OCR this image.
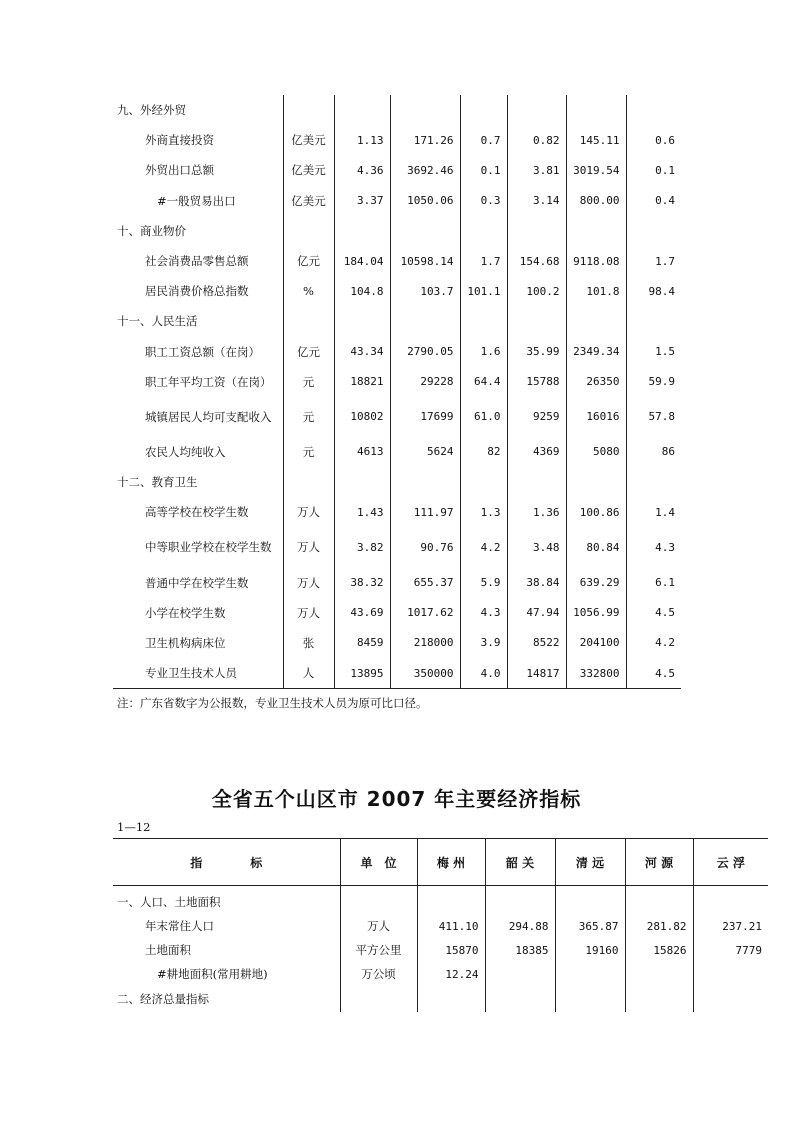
九、外经外贸							
外商直接投资	亿美元	1.13	171.26	0.7	0.82	145.11	0.6
外贸出口总额	亿美元	4.36	3692.46	0.1	3.81	3019.54	0.1
#一般贸易出口	亿美元	3.37	1050.06	0.3	3.14	800.00	0.4
十、商业物价							
社会消费品零售总额	亿元	184.04	10598.14	1.7	154.68	9118.08	1.7
居民消费价格总指数	%	104.8	103.7	101.1	100.2	101.8	98.4
十一、人民生活							
职工工资总额（在岗）	亿元	43.34	2790.05	1.6	35.99	2349.34	1.5
职工年平均工资（在岗）	元	18821	29228	64.4	15788	26350	59.9
城镇居民人均可支配收入	元	10802	17699	61.0	9259	16016	57.8
农民人均纯收入	元	4613	5624	82	4369	5080	86
十二、教育卫生							
高等学校在校学生数	万人	1.43	111.97	1.3	1.36	100.86	1.4
中等职业学校在校学生数	万人	3.82	90.76	4.2	3.48	80.84	4.3
普通中学在校学生数	万人	38.32	655.37	5.9	38.84	639.29	6.1
小学在校学生数	万人	43.69	1017.62	4.3	47.94	1056.99	4.5
卫生机构病床位	张	8459	218000	3.9	8522	204100	4.2
专业卫生技术人员	人	13895	350000	4.0	14817	332800	4.5
注：广东省数字为公报数，专业卫生技术人员为原可比口径。
全省五个山区市 2007 年主要经济指标
1—12
指　　　　标	单　位	梅 州	韶 关	清 远	河 源	云 浮
一、人口、土地面积						
年末常住人口	万人	411.10	294.88	365.87	281.82	237.21
土地面积	平方公里	15870	18385	19160	15826	7779
#耕地面积(常用耕地)	万公顷	12.24				
二、经济总量指标						
